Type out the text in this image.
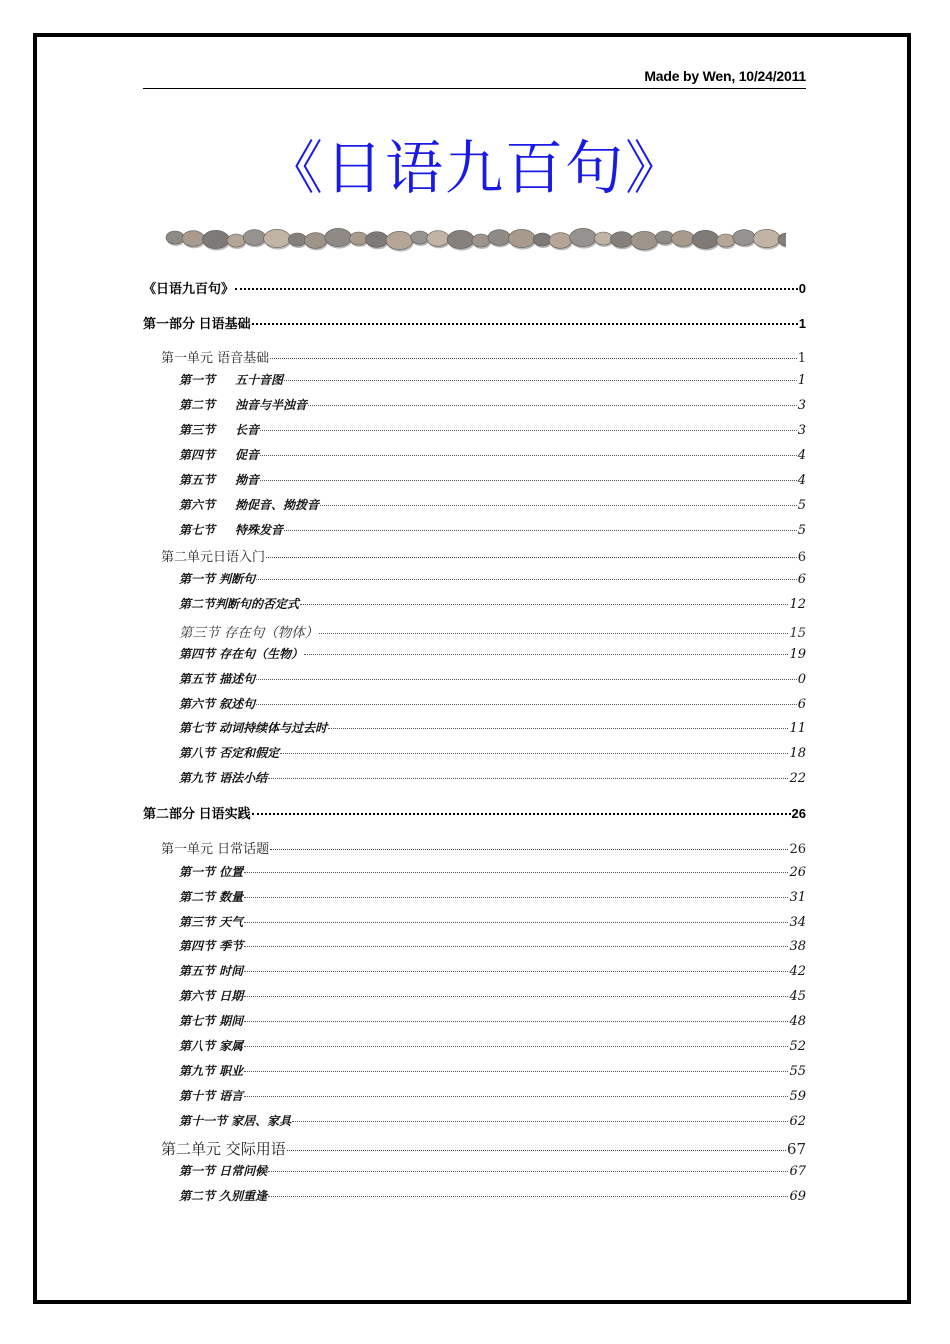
Made by Wen, 10/24/2011
《日语九百句》
《日语九百句》	0
第一部分 日语基础	1
第一单元 语音基础	1
第一节 五十音图	1
第二节 浊音与半浊音	3
第三节 长音	3
第四节 促音	4
第五节 拗音	4
第六节 拗促音、拗拨音	5
第七节 特殊发音	5
第二单元日语入门	6
第一节 判断句	6
第二节判断句的否定式	12
第三节 存在句（物体）	15
第四节 存在句（生物）	19
第五节 描述句	0
第六节 叙述句	6
第七节 动词持续体与过去时	11
第八节 否定和假定	18
第九节 语法小结	22
第二部分 日语实践	26
第一单元 日常话题	26
第一节 位置	26
第二节 数量	31
第三节 天气	34
第四节 季节	38
第五节 时间	42
第六节 日期	45
第七节 期间	48
第八节 家属	52
第九节 职业	55
第十节 语言	59
第十一节 家居、家具	62
第二单元 交际用语	67
第一节 日常问候	67
第二节 久别重逢	69
